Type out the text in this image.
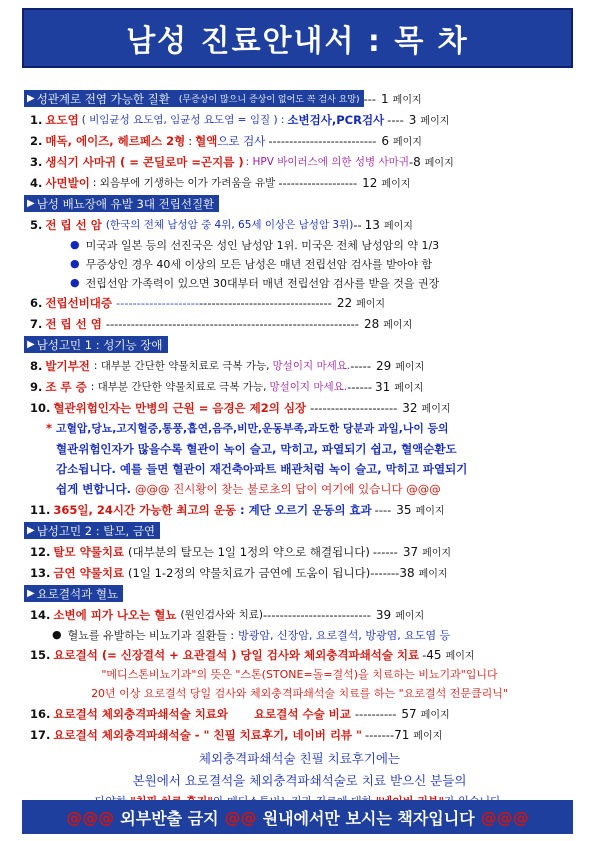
남성 진료안내서 : 목 차
▶ 성관계로 전염 가능한 질환	(무증상이 많으니 증상이 없어도 꼭 검사 요망) --- 1 페이지
1. 요도염 ( 비임균성 요도염, 임균성 요도염 = 임질 ) : 소변검사,PCR검사 ---- 3 페이지
2. 매독, 에이즈, 헤르페스 2형 : 혈액 으로 검사 -------------------------- 6 페이지
3. 생식기 사마귀 ( = 콘딜로마 =곤지름 ) : HPV 바이러스에 의한 성병 사마귀 - 8 페이지
4. 사면발이 : 외음부에 기생하는 이가 가려움을 유발 ------------------- 12 페이지
▶ 남성 배뇨장애 유발 3대 전립선질환
5. 전 립 선 암 (한국의 전체 남성암 중 4위, 65세 이상은 남성암 3위) -- 13 페이지
● 미국과 일본 등의 선진국은 성인 남성암 1위. 미국은 전체 남성암의 약 1/3
● 무증상인 경우 40세 이상의 모든 남성은 매년 전립선암 검사를 받아야 함
● 전립선암 가족력이 있으면 30대부터 매년 전립선암 검사를 받을 것을 권장
6. 전립선비대증 -------------------- -------------------------------- 22 페이지
7. 전 립 선 염 ------------------------------------------------------------- 28 페이지
▶ 남성고민 1 : 성기능 장애
8. 발기부전 : 대부분 간단한 약물치료로 극복 가능, 망설이지 마세요. ----- 29 페이지
9. 조 루 증 : 대부분 간단한 약물치료로 극복 가능, 망설이지 마세요. ------ 31 페이지
10. 혈관위험인자는 만병의 근원 = 음경은 제2의 심장 --------------------- 32 페이지
* 고혈압,당뇨,고지혈증,통풍,흡연,음주,비만,운동부족,과도한 당분과 과일,나이 등의
혈관위험인자가 많을수록 혈관이 녹이 슬고, 막히고, 파열되기 쉽고, 혈액순환도
감소됩니다. 예를 들면 혈관이 재건축아파트 배관처럼 녹이 슬고, 막히고 파열되기
쉽게 변합니다. @@@ 진시황이 찾는 불로초의 답이 여기에 있습니다 @@@
11. 365일, 24시간 가능한 최고의 운동 : 계단 오르기 운동의 효과 ---- 35 페이지
▶ 남성고민 2 : 탈모, 금연
12. 탈모 약물치료 (대부분의 탈모는 1일 1정의 약으로 해결됩니다) ------ 37 페이지
13. 금연 약물치료 (1일 1-2정의 약물치료가 금연에 도움이 됩니다) ------- 38 페이지
▶ 요로결석과 혈뇨
14. 소변에 피가 나오는 혈뇨 (원인검사와 치료) -------------------------- 39 페이지
● 혈뇨를 유발하는 비뇨기과 질환들 : 방광암, 신장암, 요로결석, 방광염, 요도염 등
15. 요로결석 (= 신장결석 + 요관결석 ) 당일 검사와 체외충격파쇄석술 치료 - 45 페이지
"메디스톤비뇨기과"의 뜻은 "스톤(STONE=돌=결석)을 치료하는 비뇨기과"입니다
20년 이상 요로결석 당일 검사와 체외충격파쇄석술 치료를 하는 "요로결석 전문클리닉"
16. 요로결석 체외충격파쇄석술 치료와 요로결석 수술 비교 ---------- 57 페이지
17. 요로결석 체외충격파쇄석술 - " 친필 치료후기, 네이버 리뷰 " ------- 71 페이지
체외충격파쇄석술 친필 치료후기에는
본원에서 요로결석을 체외충격파쇄석술로 치료 받으신 분들의
@@@ 외부반출 금지 @@ 원내에서만 보시는 책자입니다 @@@
